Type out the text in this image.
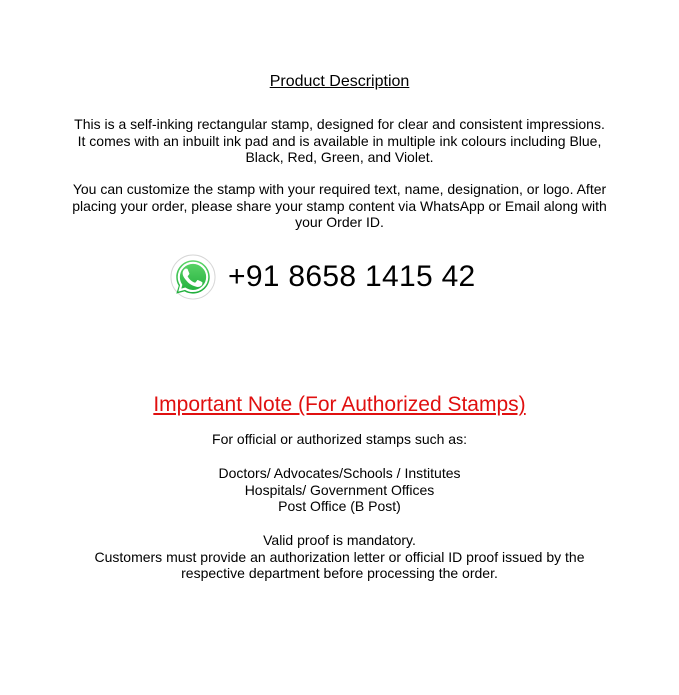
Product Description
This is a self-inking rectangular stamp, designed for clear and consistent impressions.
It comes with an inbuilt ink pad and is available in multiple ink colours including Blue,
Black, Red, Green, and Violet.
You can customize the stamp with your required text, name, designation, or logo. After
placing your order, please share your stamp content via WhatsApp or Email along with
your Order ID.
+91 8658 1415 42
Important Note (For Authorized Stamps)
For official or authorized stamps such as:
Doctors/ Advocates/Schools / Institutes
Hospitals/ Government Offices
Post Office (B Post)
Valid proof is mandatory.
Customers must provide an authorization letter or official ID proof issued by the
respective department before processing the order.
